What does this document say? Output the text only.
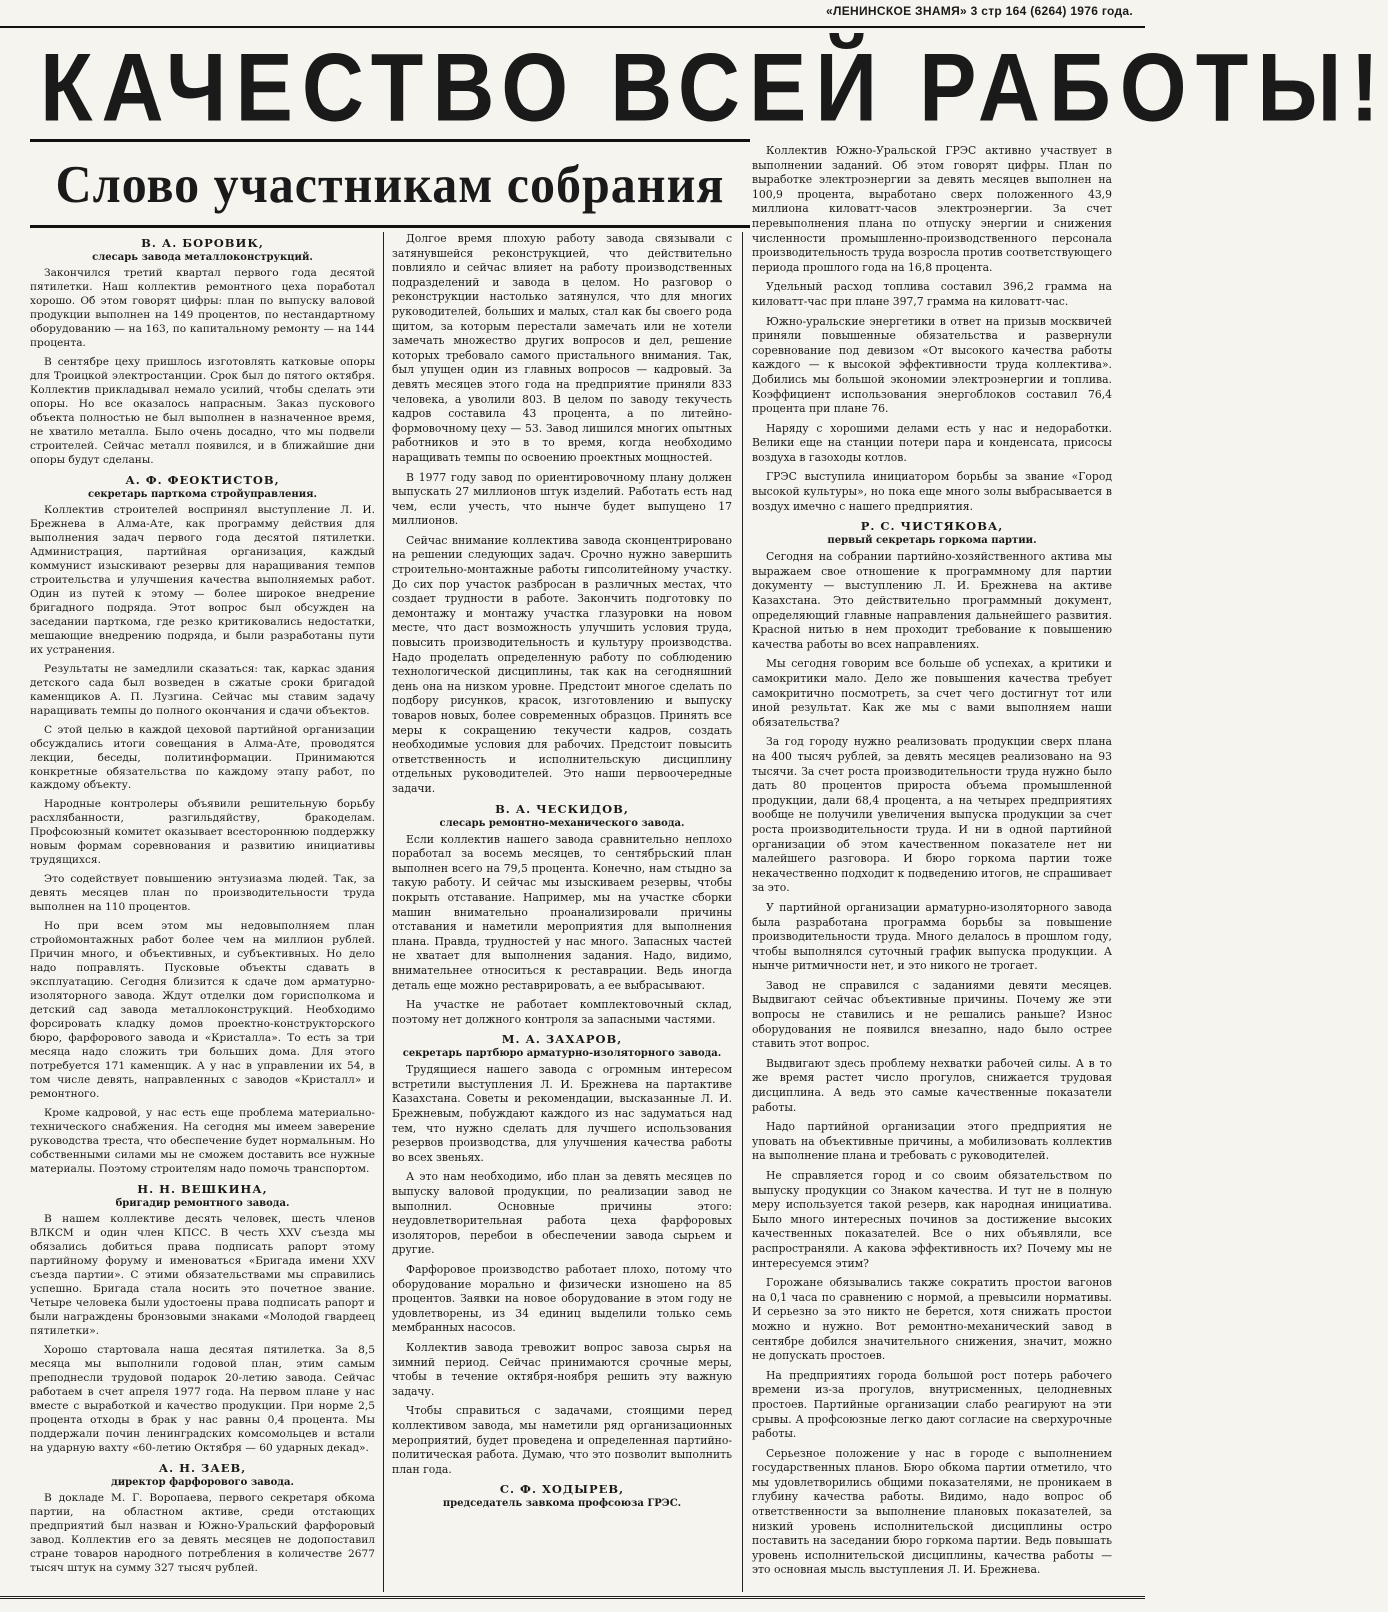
«ЛЕНИНСКОЕ ЗНАМЯ» 3 стр 164 (6264) 1976 года.
КАЧЕСТВО ВСЕЙ РАБОТЫ!
Слово участникам собрания
В. А. БОРОВИК,
слесарь завода металлоконструкций.

Закончился третий квартал первого года десятой пятилетки. Наш коллектив ремонтного цеха поработал хорошо. Об этом говорят цифры: план по выпуску валовой продукции выполнен на 149 процентов, по нестандартному оборудованию — на 163, по капитальному ремонту — на 144 процента.

В сентябре цеху пришлось изготовлять катковые опоры для Троицкой электростанции. Срок был до пятого октября. Коллектив прикладывал немало усилий, чтобы сделать эти опоры. Но все оказалось напрасным. Заказ пускового объекта полностью не был выполнен в назначенное время, не хватило металла. Было очень досадно, что мы подвели строителей. Сейчас металл появился, и в ближайшие дни опоры будут сделаны.

А. Ф. ФЕОКТИСТОВ,
секретарь парткома стройуправления.

Коллектив строителей воспринял выступление Л. И. Брежнева в Алма-Ате, как программу действия для выполнения задач первого года десятой пятилетки. Администрация, партийная организация, каждый коммунист изыскивают резервы для наращивания темпов строительства и улучшения качества выполняемых работ. Один из путей к этому — более широкое внедрение бригадного подряда. Этот вопрос был обсужден на заседании парткома, где резко критиковались недостатки, мешающие внедрению подряда, и были разработаны пути их устранения.

Результаты не замедлили сказаться: так, каркас здания детского сада был возведен в сжатые сроки бригадой каменщиков А. П. Лузгина. Сейчас мы ставим задачу наращивать темпы до полного окончания и сдачи объектов.

С этой целью в каждой цеховой партийной организации обсуждались итоги совещания в Алма-Ате, проводятся лекции, беседы, политинформации. Принимаются конкретные обязательства по каждому этапу работ, по каждому объекту.

Народные контролеры объявили решительную борьбу расхлябанности, разгильдяйству, бракоделам. Профсоюзный комитет оказывает всестороннюю поддержку новым формам соревнования и развитию инициативы трудящихся.

Это содействует повышению энтузиазма людей. Так, за девять месяцев план по производительности труда выполнен на 110 процентов.

Но при всем этом мы недовыполняем план стройомонтажных работ более чем на миллион рублей. Причин много, и объективных, и субъективных. Но дело надо поправлять. Пусковые объекты сдавать в эксплуатацию. Сегодня близится к сдаче дом арматурно-изоляторного завода. Ждут отделки дом горисполкома и детский сад завода металлоконструкций. Необходимо форсировать кладку домов проектно-конструкторского бюро, фарфорового завода и «Кристалла». То есть за три месяца надо сложить три больших дома. Для этого потребуется 171 каменщик. А у нас в управлении их 54, в том числе девять, направленных с заводов «Кристалл» и ремонтного.

Кроме кадровой, у нас есть еще проблема материально-технического снабжения. На сегодня мы имеем заверение руководства треста, что обеспечение будет нормальным. Но собственными силами мы не сможем доставить все нужные материалы. Поэтому строителям надо помочь транспортом.

Н. Н. ВЕШКИНА,
бригадир ремонтного завода.

В нашем коллективе десять человек, шесть членов ВЛКСМ и один член КПСС. В честь XXV съезда мы обязались добиться права подписать рапорт этому партийному форуму и именоваться «Бригада имени XXV съезда партии». С этими обязательствами мы справились успешно. Бригада стала носить это почетное звание. Четыре человека были удостоены права подписать рапорт и были награждены бронзовыми знаками «Молодой гвардеец пятилетки».

Хорошо стартовала наша десятая пятилетка. За 8,5 месяца мы выполнили годовой план, этим самым преподнесли трудовой подарок 20-летию завода. Сейчас работаем в счет апреля 1977 года. На первом плане у нас вместе с выработкой и качество продукции. При норме 2,5 процента отходы в брак у нас равны 0,4 процента. Мы поддержали почин ленинградских комсомольцев и встали на ударную вахту «60-летию Октября — 60 ударных декад».

А. Н. ЗАЕВ,
директор фарфорового завода.

В докладе М. Г. Воропаева, первого секретаря обкома партии, на областном активе, среди отстающих предприятий был назван и Южно-Уральский фарфоровый завод. Коллектив его за девять месяцев не додопоставил стране товаров народного потребления в количестве 2677 тысяч штук на сумму 327 тысяч рублей.

Долгое время плохую работу завода связывали с затянувшейся реконструкцией, что действительно повлияло и сейчас влияет на работу производственных подразделений и завода в целом. Но разговор о реконструкции настолько затянулся, что для многих руководителей, больших и малых, стал как бы своего рода щитом, за которым перестали замечать или не хотели замечать множество других вопросов и дел, решение которых требовало самого пристального внимания. Так, был упущен один из главных вопросов — кадровый. За девять месяцев этого года на предприятие приняли 833 человека, а уволили 803. В целом по заводу текучесть кадров составила 43 процента, а по литейно-формовочному цеху — 53. Завод лишился многих опытных работников и это в то время, когда необходимо наращивать темпы по освоению проектных мощностей.

В 1977 году завод по ориентировочному плану должен выпускать 27 миллионов штук изделий. Работать есть над чем, если учесть, что нынче будет выпущено 17 миллионов.

Сейчас внимание коллектива завода сконцентрировано на решении следующих задач. Срочно нужно завершить строительно-монтажные работы гипсолитейному участку. До сих пор участок разбросан в различных местах, что создает трудности в работе. Закончить подготовку по демонтажу и монтажу участка глазуровки на новом месте, что даст возможность улучшить условия труда, повысить производительность и культуру производства. Надо проделать определенную работу по соблюдению технологической дисциплины, так как на сегодняшний день она на низком уровне. Предстоит многое сделать по подбору рисунков, красок, изготовлению и выпуску товаров новых, более современных образцов. Принять все меры к сокращению текучести кадров, создать необходимые условия для рабочих. Предстоит повысить ответственность и исполнительскую дисциплину отдельных руководителей. Это наши первоочередные задачи.

В. А. ЧЕСКИДОВ,
слесарь ремонтно-механического завода.

Если коллектив нашего завода сравнительно неплохо поработал за восемь месяцев, то сентябрьский план выполнен всего на 79,5 процента. Конечно, нам стыдно за такую работу. И сейчас мы изыскиваем резервы, чтобы покрыть отставание. Например, мы на участке сборки машин внимательно проанализировали причины отставания и наметили мероприятия для выполнения плана. Правда, трудностей у нас много. Запасных частей не хватает для выполнения задания. Надо, видимо, внимательнее относиться к реставрации. Ведь иногда деталь еще можно реставрировать, а ее выбрасывают.

На участке не работает комплектовочный склад, поэтому нет должного контроля за запасными частями.

М. А. ЗАХАРОВ,
секретарь партбюро арматурно-изоляторного завода.

Трудящиеся нашего завода с огромным интересом встретили выступления Л. И. Брежнева на партактиве Казахстана. Советы и рекомендации, высказанные Л. И. Брежневым, побуждают каждого из нас задуматься над тем, что нужно сделать для лучшего использования резервов производства, для улучшения качества работы во всех звеньях.

А это нам необходимо, ибо план за девять месяцев по выпуску валовой продукции, по реализации завод не выполнил. Основные причины этого: неудовлетворительная работа цеха фарфоровых изоляторов, перебои в обеспечении завода сырьем и другие.

Фарфоровое производство работает плохо, потому что оборудование морально и физически изношено на 85 процентов. Заявки на новое оборудование в этом году не удовлетворены, из 34 единиц выделили только семь мембранных насосов.

Коллектив завода тревожит вопрос завоза сырья на зимний период. Сейчас принимаются срочные меры, чтобы в течение октября-ноября решить эту важную задачу.

Чтобы справиться с задачами, стоящими перед коллективом завода, мы наметили ряд организационных мероприятий, будет проведена и определенная партийно-политическая работа. Думаю, что это позволит выполнить план года.

С. Ф. ХОДЫРЕВ,
председатель завкома профсоюза ГРЭС.

Коллектив Южно-Уральской ГРЭС активно участвует в выполнении заданий. Об этом говорят цифры. План по выработке электроэнергии за девять месяцев выполнен на 100,9 процента, выработано сверх положенного 43,9 миллиона киловатт-часов электроэнергии. За счет перевыполнения плана по отпуску энергии и снижения численности промышленно-производственного персонала производительность труда возросла против соответствующего периода прошлого года на 16,8 процента.

Удельный расход топлива составил 396,2 грамма на киловатт-час при плане 397,7 грамма на киловатт-час.

Южно-уральские энергетики в ответ на призыв москвичей приняли повышенные обязательства и развернули соревнование под девизом «От высокого качества работы каждого — к высокой эффективности труда коллектива». Добились мы большой экономии электроэнергии и топлива. Коэффициент использования энергоблоков составил 76,4 процента при плане 76.

Наряду с хорошими делами есть у нас и недоработки. Велики еще на станции потери пара и конденсата, присосы воздуха в газоходы котлов.

ГРЭС выступила инициатором борьбы за звание «Город высокой культуры», но пока еще много золы выбрасывается в воздух имечно с нашего предприятия.

Р. С. ЧИСТЯКОВА,
первый секретарь горкома партии.

Сегодня на собрании партийно-хозяйственного актива мы выражаем свое отношение к программному для партии документу — выступлению Л. И. Брежнева на активе Казахстана. Это действительно программный документ, определяющий главные направления дальнейшего развития. Красной нитью в нем проходит требование к повышению качества работы во всех направлениях.

Мы сегодня говорим все больше об успехах, а критики и самокритики мало. Дело же повышения качества требует самокритично посмотреть, за счет чего достигнут тот или иной результат. Как же мы с вами выполняем наши обязательства?

За год городу нужно реализовать продукции сверх плана на 400 тысяч рублей, за девять месяцев реализовано на 93 тысячи. За счет роста производительности труда нужно было дать 80 процентов прироста объема промышленной продукции, дали 68,4 процента, а на четырех предприятиях вообще не получили увеличения выпуска продукции за счет роста производительности труда. И ни в одной партийной организации об этом качественном показателе нет ни малейшего разговора. И бюро горкома партии тоже некачественно подходит к подведению итогов, не спрашивает за это.

У партийной организации арматурно-изоляторного завода была разработана программа борьбы за повышение производительности труда. Много делалось в прошлом году, чтобы выполнялся суточный график выпуска продукции. А нынче ритмичности нет, и это никого не трогает.

Завод не справился с заданиями девяти месяцев. Выдвигают сейчас объективные причины. Почему же эти вопросы не ставились и не решались раньше? Износ оборудования не появился внезапно, надо было острее ставить этот вопрос.

Выдвигают здесь проблему нехватки рабочей силы. А в то же время растет число прогулов, снижается трудовая дисциплина. А ведь это самые качественные показатели работы.

Надо партийной организации этого предприятия не уповать на объективные причины, а мобилизовать коллектив на выполнение плана и требовать с руководителей.

Не справляется город и со своим обязательством по выпуску продукции со Знаком качества. И тут не в полную меру используется такой резерв, как народная инициатива. Было много интересных починов за достижение высоких качественных показателей. Все о них объявляли, все распространяли. А какова эффективность их? Почему мы не интересуемся этим?

Горожане обязывались также сократить простои вагонов на 0,1 часа по сравнению с нормой, а превысили нормативы. И серьезно за это никто не берется, хотя снижать простои можно и нужно. Вот ремонтно-механический завод в сентябре добился значительного снижения, значит, можно не допускать простоев.

На предприятиях города большой рост потерь рабочего времени из-за прогулов, внутрисменных, целодневных простоев. Партийные организации слабо реагируют на эти срывы. А профсоюзные легко дают согласие на сверхурочные работы.

Серьезное положение у нас в городе с выполнением государственных планов. Бюро обкома партии отметило, что мы удовлетворились общими показателями, не проникаем в глубину качества работы. Видимо, надо вопрос об ответственности за выполнение плановых показателей, за низкий уровень исполнительской дисциплины остро поставить на заседании бюро горкома партии. Ведь повышать уровень исполнительской дисциплины, качества работы — это основная мысль выступления Л. И. Брежнева.
